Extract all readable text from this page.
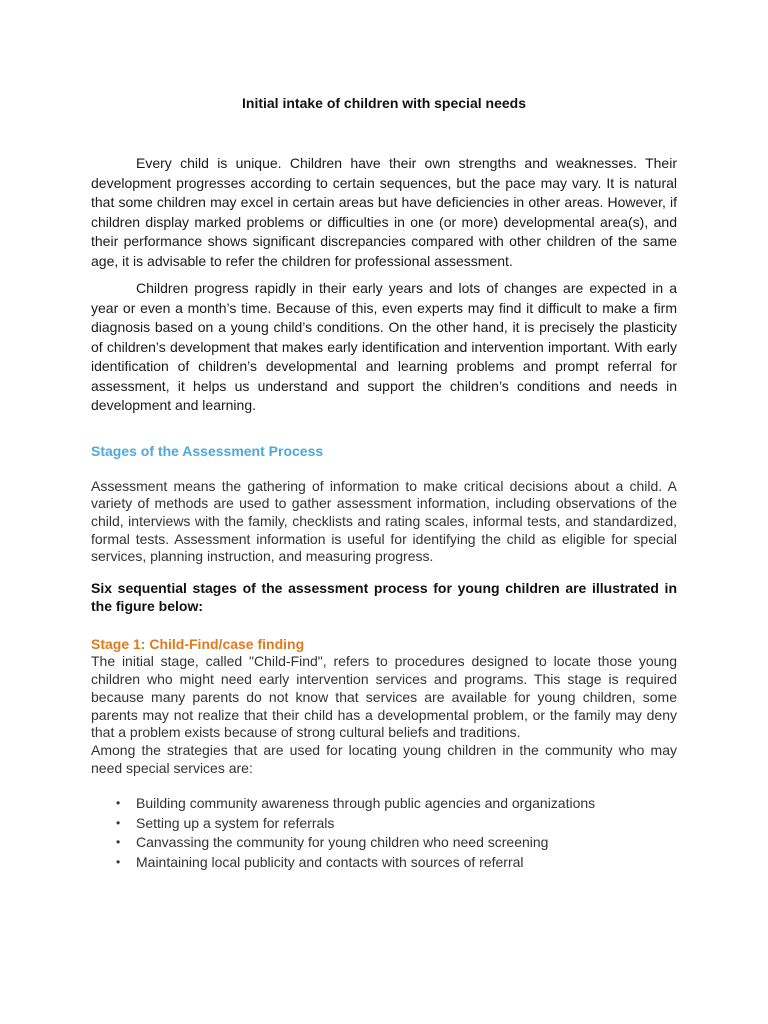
Initial intake of children with special needs

Every child is unique. Children have their own strengths and weaknesses. Their development progresses according to certain sequences, but the pace may vary. It is natural that some children may excel in certain areas but have deficiencies in other areas. However, if children display marked problems or difficulties in one (or more) developmental area(s), and their performance shows significant discrepancies compared with other children of the same age, it is advisable to refer the children for professional assessment.

Children progress rapidly in their early years and lots of changes are expected in a year or even a month’s time. Because of this, even experts may find it difficult to make a firm diagnosis based on a young child’s conditions. On the other hand, it is precisely the plasticity of children’s development that makes early identification and intervention important. With early identification of children’s developmental and learning problems and prompt referral for assessment, it helps us understand and support the children’s conditions and needs in development and learning.

Stages of the Assessment Process

Assessment means the gathering of information to make critical decisions about a child. A variety of methods are used to gather assessment information, including observations of the child, interviews with the family, checklists and rating scales, informal tests, and standardized, formal tests. Assessment information is useful for identifying the child as eligible for special services, planning instruction, and measuring progress.

Six sequential stages of the assessment process for young children are illustrated in the figure below:

Stage 1: Child-Find/case finding

The initial stage, called "Child-Find", refers to procedures designed to locate those young children who might need early intervention services and programs. This stage is required because many parents do not know that services are available for young children, some parents may not realize that their child has a developmental problem, or the family may deny that a problem exists because of strong cultural beliefs and traditions.

Among the strategies that are used for locating young children in the community who may need special services are:

• Building community awareness through public agencies and organizations
• Setting up a system for referrals
• Canvassing the community for young children who need screening
• Maintaining local publicity and contacts with sources of referral
